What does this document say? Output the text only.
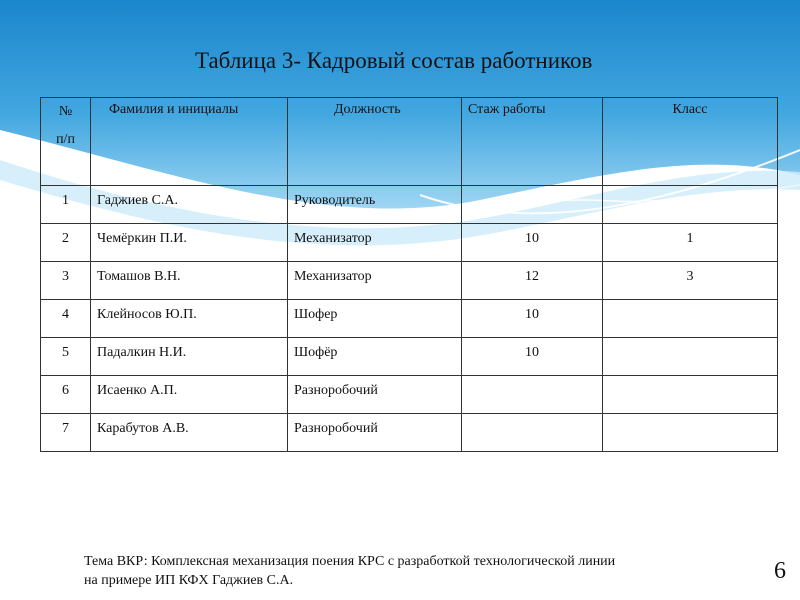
Таблица 3- Кадровый состав работников
№
п/п	Фамилия и инициалы	Должность	Стаж работы	Класс
1	Гаджиев С.А.	Руководитель		
2	Чемёркин П.И.	Механизатор	10	1
3	Томашов В.Н.	Механизатор	12	3
4	Клейносов Ю.П.	Шофер	10	
5	Падалкин Н.И.	Шофёр	10	
6	Исаенко А.П.	Разноробочий		
7	Карабутов А.В.	Разноробочий		
Тема ВКР: Комплексная механизация поения КРС с разработкой технологической линии
на примере ИП КФХ Гаджиев С.А.	6
